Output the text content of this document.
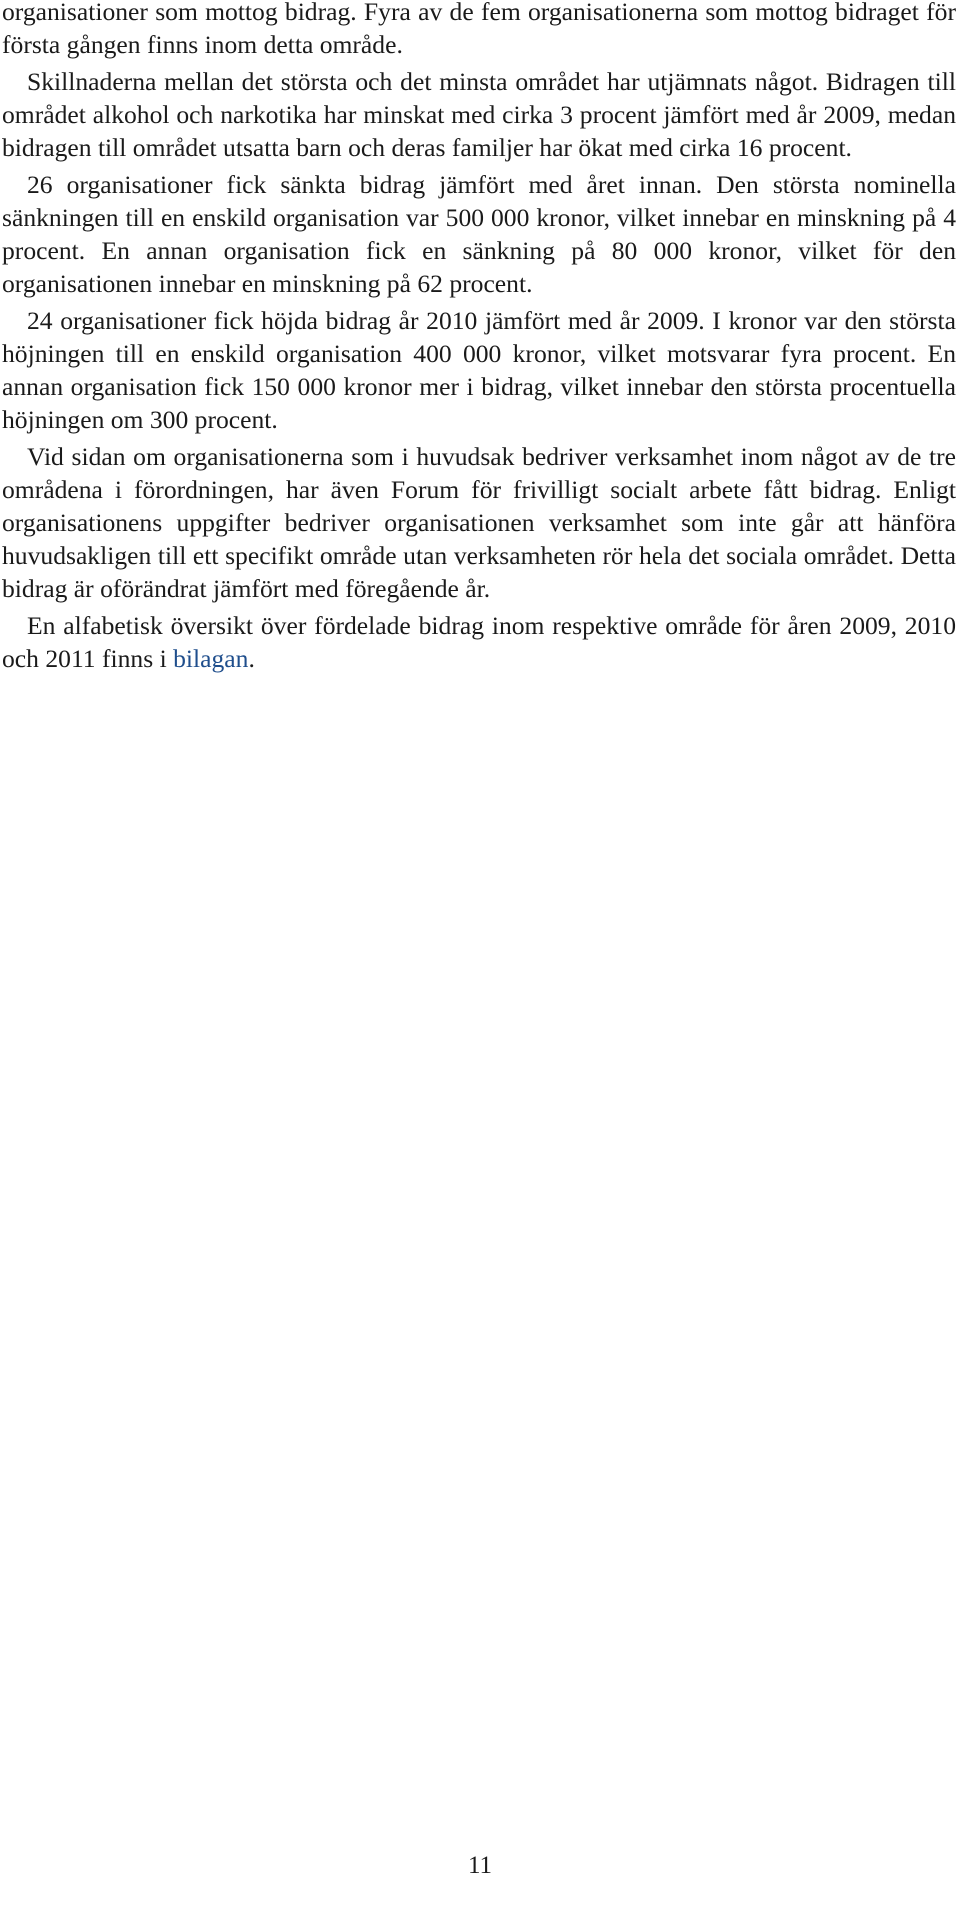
organisationer som mottog bidrag. Fyra av de fem organisationerna som mottog bidraget för första gången finns inom detta område.

Skillnaderna mellan det största och det minsta området har utjämnats något. Bidragen till området alkohol och narkotika har minskat med cirka 3 procent jämfört med år 2009, medan bidragen till området utsatta barn och deras familjer har ökat med cirka 16 procent.

26 organisationer fick sänkta bidrag jämfört med året innan. Den största nominella sänkningen till en enskild organisation var 500 000 kronor, vilket innebar en minskning på 4 procent. En annan organisation fick en sänkning på 80 000 kronor, vilket för den organisationen innebar en minskning på 62 procent.

24 organisationer fick höjda bidrag år 2010 jämfört med år 2009. I kronor var den största höjningen till en enskild organisation 400 000 kronor, vilket motsvarar fyra procent. En annan organisation fick 150 000 kronor mer i bidrag, vilket innebar den största procentuella höjningen om 300 procent.

Vid sidan om organisationerna som i huvudsak bedriver verksamhet inom något av de tre områdena i förordningen, har även Forum för frivilligt socialt arbete fått bidrag. Enligt organisationens uppgifter bedriver organisationen verksamhet som inte går att hänföra huvudsakligen till ett specifikt område utan verksamheten rör hela det sociala området. Detta bidrag är oförändrat jämfört med föregående år.

En alfabetisk översikt över fördelade bidrag inom respektive område för åren 2009, 2010 och 2011 finns i bilagan.

11
